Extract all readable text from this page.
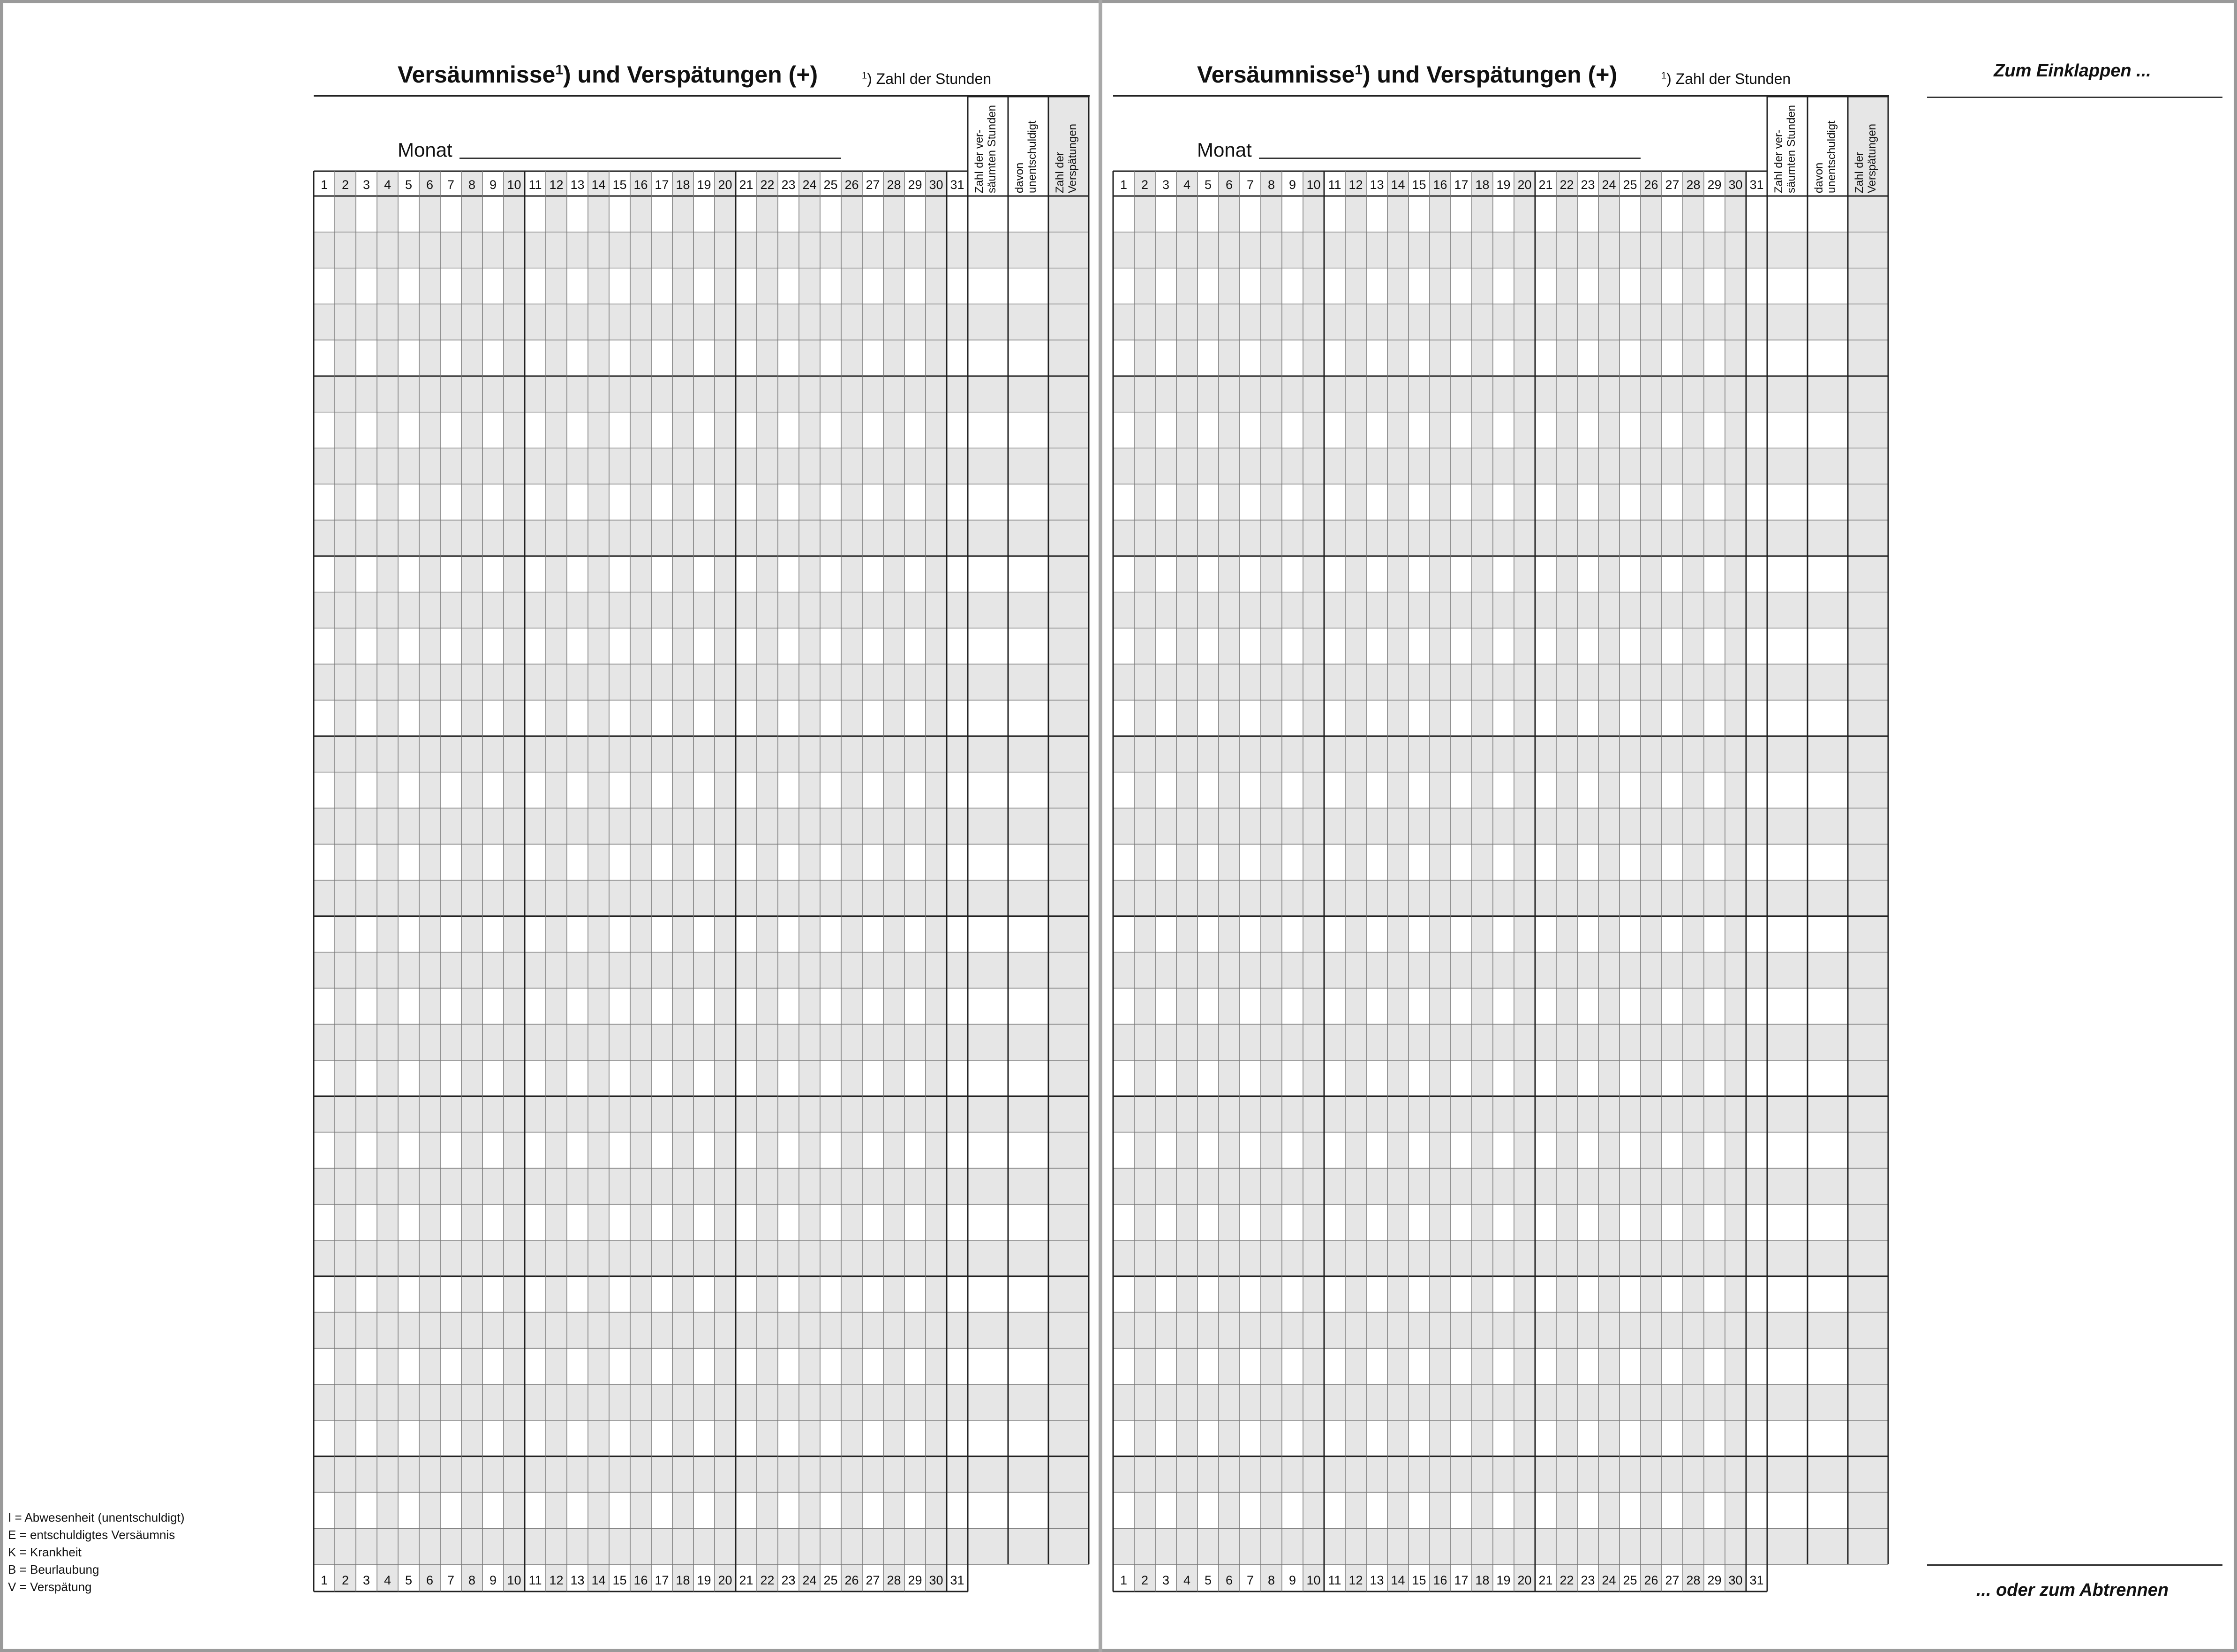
Versäumnisse$^1$) und Verspätungen (+)	$^1$) Zahl der Stunden
Monat
1
1
2
2
3
3
4
4
5
5
6
6
7
7
8
8
9
9
10
10
11
11
12
12
13
13
14
14
15
15
16
16
17
17
18
18
19
19
20
20
21
21
22
22
23
23
24
24
25
25
26
26
27
27
28
28
29
29
30
30
31
31
Zahl der ver- säumten Stunden davon unentschuldigt Zahl der Verspätungen
Versäumnisse$^1$) und Verspätungen (+)	$^1$) Zahl der Stunden
Monat
1
1
2
2
3
3
4
4
5
5
6
6
7
7
8
8
9
9
10
10
11
11
12
12
13
13
14
14
15
15
16
16
17
17
18
18
19
19
20
20
21
21
22
22
23
23
24
24
25
25
26
26
27
27
28
28
29
29
30
30
31
31
Zahl der ver- säumten Stunden davon unentschuldigt Zahl der Verspätungen
I = Abwesenheit (unentschuldigt)
E = entschuldigtes Versäumnis
K = Krankheit
B = Beurlaubung
V = Verspätung
Zum Einklappen ...
... oder zum Abtrennen
